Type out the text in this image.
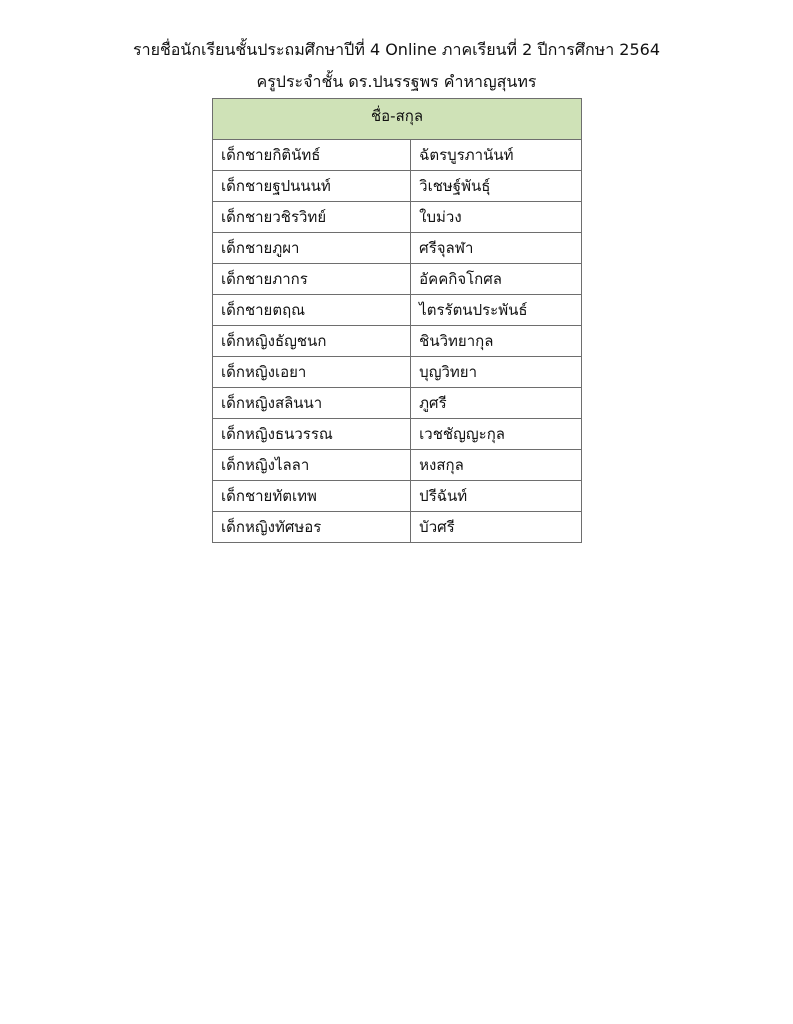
รายชื่อนักเรียนชั้นประถมศึกษาปีที่ 4 Online ภาคเรียนที่ 2 ปีการศึกษา 2564
ครูประจำชั้น ดร.ปนรรฐพร คำหาญสุนทร
ชื่อ-สกุล	
เด็กชายกิตินัทธ์	ฉัตรบูรภานันท์
เด็กชายฐปนนนท์	วิเชษฐ์พันธุ์
เด็กชายวชิรวิทย์	ใบม่วง
เด็กชายภูผา	ศรีจุลฬา
เด็กชายภากร	อัคคกิจโกศล
เด็กชายตฤณ	ไตรรัตนประพันธ์
เด็กหญิงธัญชนก	ชินวิทยากุล
เด็กหญิงเอยา	บุญวิทยา
เด็กหญิงสลินนา	ภูศรี
เด็กหญิงธนวรรณ	เวชชัญญะกุล
เด็กหญิงไลลา	หงสกุล
เด็กชายทัตเทพ	ปรีฉันท์
เด็กหญิงทัศษอร	บัวศรี
